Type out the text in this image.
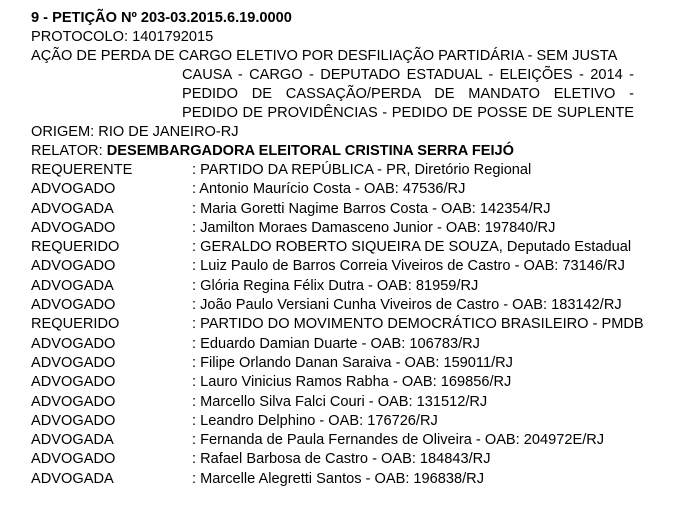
9 - PETIÇÃO Nº 203-03.2015.6.19.0000
PROTOCOLO: 1401792015
AÇÃO DE PERDA DE CARGO ELETIVO POR DESFILIAÇÃO PARTIDÁRIA - SEM JUSTA
CAUSA - CARGO - DEPUTADO ESTADUAL - ELEIÇÕES - 2014 -
PEDIDO DE CASSAÇÃO/PERDA DE MANDATO ELETIVO -
PEDIDO DE PROVIDÊNCIAS - PEDIDO DE POSSE DE SUPLENTE
ORIGEM: RIO DE JANEIRO-RJ
RELATOR: DESEMBARGADORA ELEITORAL CRISTINA SERRA FEIJÓ
REQUERENTE	: PARTIDO DA REPÚBLICA - PR, Diretório Regional
ADVOGADO	: Antonio Maurício Costa - OAB: 47536/RJ
ADVOGADA	: Maria Goretti Nagime Barros Costa - OAB: 142354/RJ
ADVOGADO	: Jamilton Moraes Damasceno Junior - OAB: 197840/RJ
REQUERIDO	: GERALDO ROBERTO SIQUEIRA DE SOUZA, Deputado Estadual
ADVOGADO	: Luiz Paulo de Barros Correia Viveiros de Castro - OAB: 73146/RJ
ADVOGADA	: Glória Regina Félix Dutra - OAB: 81959/RJ
ADVOGADO	: João Paulo Versiani Cunha Viveiros de Castro - OAB: 183142/RJ
REQUERIDO	: PARTIDO DO MOVIMENTO DEMOCRÁTICO BRASILEIRO - PMDB
ADVOGADO	: Eduardo Damian Duarte - OAB: 106783/RJ
ADVOGADO	: Filipe Orlando Danan Saraiva - OAB: 159011/RJ
ADVOGADO	: Lauro Vinicius Ramos Rabha - OAB: 169856/RJ
ADVOGADO	: Marcello Silva Falci Couri - OAB: 131512/RJ
ADVOGADO	: Leandro Delphino - OAB: 176726/RJ
ADVOGADA	: Fernanda de Paula Fernandes de Oliveira - OAB: 204972E/RJ
ADVOGADO	: Rafael Barbosa de Castro - OAB: 184843/RJ
ADVOGADA	: Marcelle Alegretti Santos - OAB: 196838/RJ
